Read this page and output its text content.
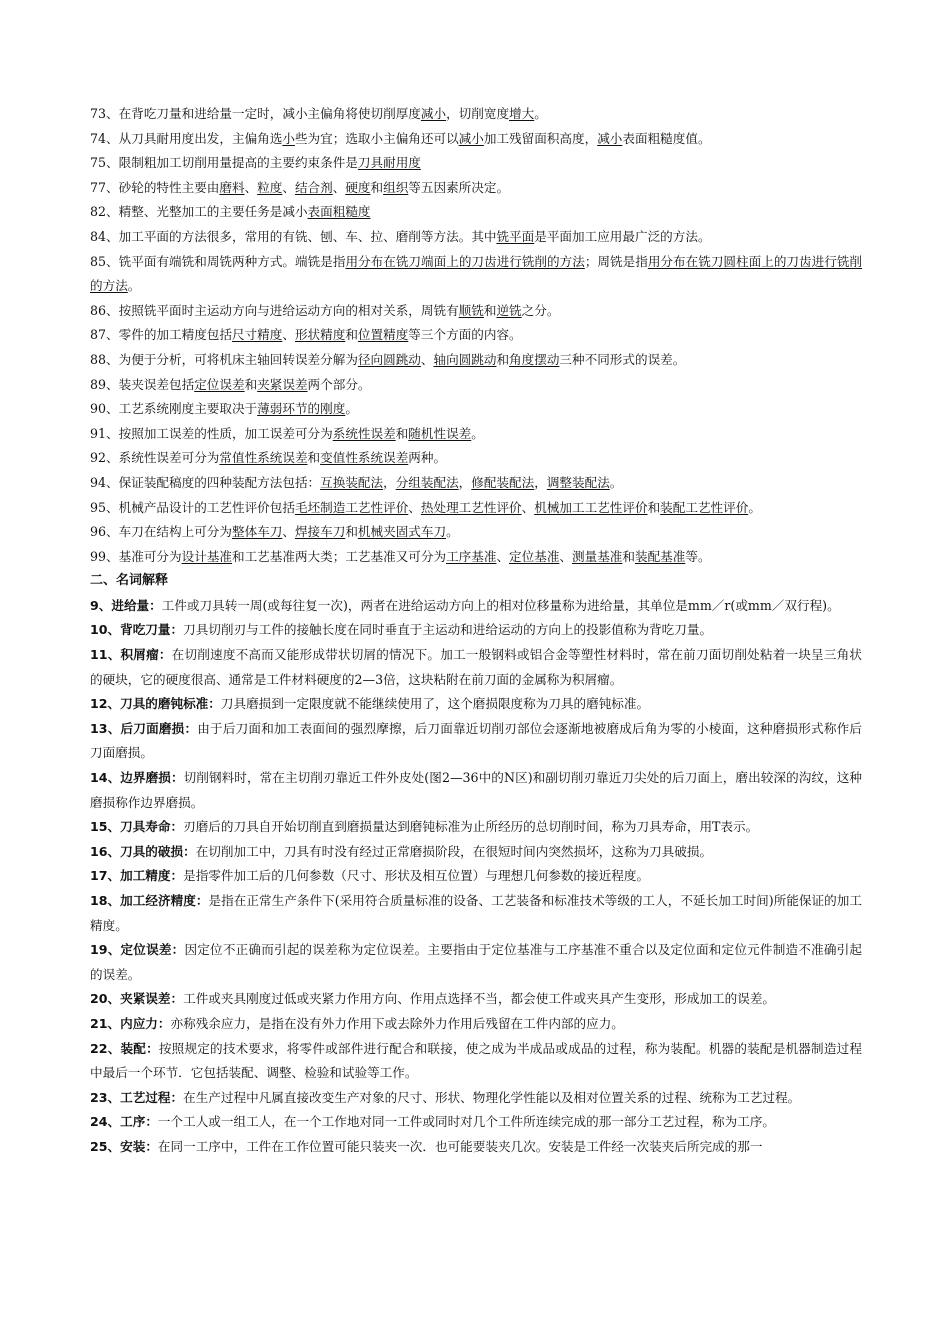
73、在背吃刀量和进给量一定时，减小主偏角将使切削厚度减小，切削宽度增大。

74、从刀具耐用度出发，主偏角选小些为宜；选取小主偏角还可以减小加工残留面积高度，减小表面粗糙度值。

75、限制粗加工切削用量提高的主要约束条件是刀具耐用度

77、砂轮的特性主要由磨料、粒度、结合剂、硬度和组织等五因素所决定。

82、精整、光整加工的主要任务是减小表面粗糙度

84、加工平面的方法很多，常用的有铣、刨、车、拉、磨削等方法。其中铣平面是平面加工应用最广泛的方法。

85、铣平面有端铣和周铣两种方式。端铣是指用分布在铣刀端面上的刀齿进行铣削的方法；周铣是指用分布在铣刀圆柱面上的刀齿进行铣削的方法。

86、按照铣平面时主运动方向与进给运动方向的相对关系，周铣有顺铣和逆铣之分。

87、零件的加工精度包括尺寸精度、形状精度和位置精度等三个方面的内容。

88、为便于分析，可将机床主轴回转误差分解为径向圆跳动、轴向圆跳动和角度摆动三种不同形式的误差。

89、装夹误差包括定位误差和夹紧误差两个部分。

90、工艺系统刚度主要取决于薄弱环节的刚度。

91、按照加工误差的性质，加工误差可分为系统性误差和随机性误差。

92、系统性误差可分为常值性系统误差和变值性系统误差两种。

94、保证装配稿度的四种装配方法包括：互换装配法，分组装配法，修配装配法，调整装配法。

95、机械产品设计的工艺性评价包括毛坯制造工艺性评价、热处理工艺性评价、机械加工工艺性评价和装配工艺性评价。

96、车刀在结构上可分为整体车刀、焊接车刀和机械夹固式车刀。

99、基准可分为设计基准和工艺基准两大类；工艺基准又可分为工序基准、定位基准、测量基准和装配基准等。

二、名词解释

9、进给量：工件或刀具转一周(或每往复一次)，两者在进给运动方向上的相对位移量称为进给量，其单位是mm／r(或mm／双行程)。

10、背吃刀量：刀具切削刃与工件的接触长度在同时垂直于主运动和进给运动的方向上的投影值称为背吃刀量。

11、积屑瘤：在切削速度不高而又能形成带状切屑的情况下。加工一般钢料或铝合金等塑性材料时，常在前刀面切削处粘着一块呈三角状的硬块，它的硬度很高、通常是工件材料硬度的2—3倍，这块粘附在前刀面的金属称为积屑瘤。

12、刀具的磨钝标准：刀具磨损到一定限度就不能继续使用了，这个磨损限度称为刀具的磨钝标准。

13、后刀面磨损：由于后刀面和加工表面间的强烈摩擦，后刀面靠近切削刃部位会逐渐地被磨成后角为零的小棱面，这种磨损形式称作后刀面磨损。

14、边界磨损：切削钢料时，常在主切削刃靠近工件外皮处(图2—36中的N区)和副切削刃靠近刀尖处的后刀面上，磨出较深的沟纹，这种磨损称作边界磨损。

15、刀具寿命：刃磨后的刀具自开始切削直到磨损量达到磨钝标准为止所经历的总切削时间，称为刀具寿命，用T表示。

16、刀具的破损：在切削加工中，刀具有时没有经过正常磨损阶段，在很短时间内突然损坏，这称为刀具破损。

17、加工精度：是指零件加工后的几何参数（尺寸、形状及相互位置）与理想几何参数的接近程度。

18、加工经济精度：是指在正常生产条件下(采用符合质量标准的设备、工艺装备和标准技术等级的工人，不延长加工时间)所能保证的加工精度。

19、定位误差：因定位不正确而引起的误差称为定位误差。主要指由于定位基准与工序基准不重合以及定位面和定位元件制造不准确引起的误差。

20、夹紧误差：工件或夹具刚度过低或夹紧力作用方向、作用点选择不当，都会使工件或夹具产生变形，形成加工的误差。

21、内应力：亦称残余应力，是指在没有外力作用下或去除外力作用后残留在工件内部的应力。

22、装配：按照规定的技术要求，将零件或部件进行配合和联接，使之成为半成品或成品的过程，称为装配。机器的装配是机器制造过程中最后一个环节．它包括装配、调整、检验和试验等工作。

23、工艺过程：在生产过程中凡属直接改变生产对象的尺寸、形状、物理化学性能以及相对位置关系的过程、统称为工艺过程。

24、工序：一个工人或一组工人，在一个工作地对同一工件或同时对几个工件所连续完成的那一部分工艺过程，称为工序。

25、安装：在同一工序中，工件在工作位置可能只装夹一次．也可能要装夹几次。安装是工件经一次装夹后所完成的那一
